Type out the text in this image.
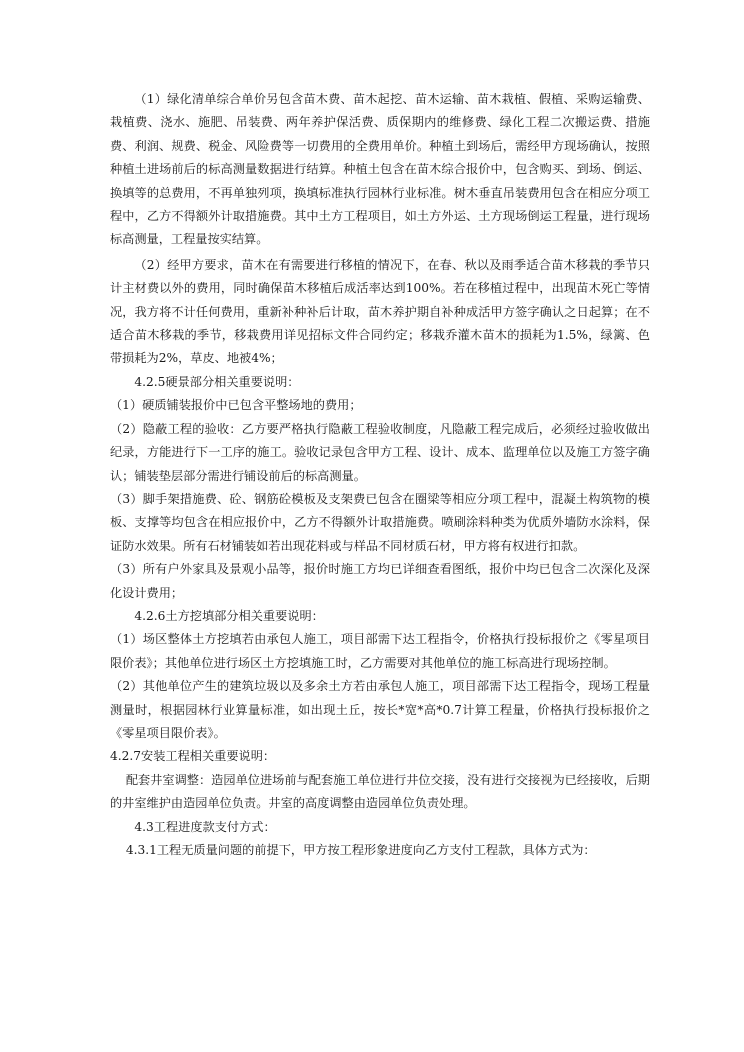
（1）绿化清单综合单价另包含苗木费、苗木起挖、苗木运输、苗木栽植、假植、采购运输费、栽植费、浇水、施肥、吊装费、两年养护保活费、质保期内的维修费、绿化工程二次搬运费、措施费、利润、规费、税金、风险费等一切费用的全费用单价。种植土到场后，需经甲方现场确认，按照种植土进场前后的标高测量数据进行结算。种植土包含在苗木综合报价中，包含购买、到场、倒运、换填等的总费用，不再单独列项，换填标准执行园林行业标准。树木垂直吊装费用包含在相应分项工程中，乙方不得额外计取措施费。其中土方工程项目，如土方外运、土方现场倒运工程量，进行现场标高测量，工程量按实结算。

（2）经甲方要求，苗木在有需要进行移植的情况下，在春、秋以及雨季适合苗木移栽的季节只计主材费以外的费用，同时确保苗木移植后成活率达到100%。若在移植过程中，出现苗木死亡等情况，我方将不计任何费用，重新补种补后计取，苗木养护期自补种成活甲方签字确认之日起算；在不适合苗木移栽的季节，移栽费用详见招标文件合同约定；移栽乔灌木苗木的损耗为1.5%，绿篱、色带损耗为2%，草皮、地被4%；

4.2.5硬景部分相关重要说明：

（1）硬质铺装报价中已包含平整场地的费用；

（2）隐蔽工程的验收：乙方要严格执行隐蔽工程验收制度，凡隐蔽工程完成后，必须经过验收做出纪录，方能进行下一工序的施工。验收记录包含甲方工程、设计、成本、监理单位以及施工方签字确认；铺装垫层部分需进行铺设前后的标高测量。

（3）脚手架措施费、砼、钢筋砼模板及支架费已包含在圈梁等相应分项工程中，混凝土构筑物的模板、支撑等均包含在相应报价中，乙方不得额外计取措施费。喷刷涂料种类为优质外墙防水涂料，保证防水效果。所有石材铺装如若出现花料或与样品不同材质石材，甲方将有权进行扣款。

（3）所有户外家具及景观小品等，报价时施工方均已详细查看图纸，报价中均已包含二次深化及深化设计费用；

4.2.6土方挖填部分相关重要说明：

（1）场区整体土方挖填若由承包人施工，项目部需下达工程指令，价格执行投标报价之《零星项目限价表》；其他单位进行场区土方挖填施工时，乙方需要对其他单位的施工标高进行现场控制。

（2）其他单位产生的建筑垃圾以及多余土方若由承包人施工，项目部需下达工程指令，现场工程量测量时，根据园林行业算量标准，如出现土丘，按长*宽*高*0.7计算工程量，价格执行投标报价之《零星项目限价表》。

4.2.7安装工程相关重要说明：

配套井室调整：造园单位进场前与配套施工单位进行井位交接，没有进行交接视为已经接收，后期的井室维护由造园单位负责。井室的高度调整由造园单位负责处理。

4.3工程进度款支付方式：

4.3.1工程无质量问题的前提下，甲方按工程形象进度向乙方支付工程款，具体方式为：
